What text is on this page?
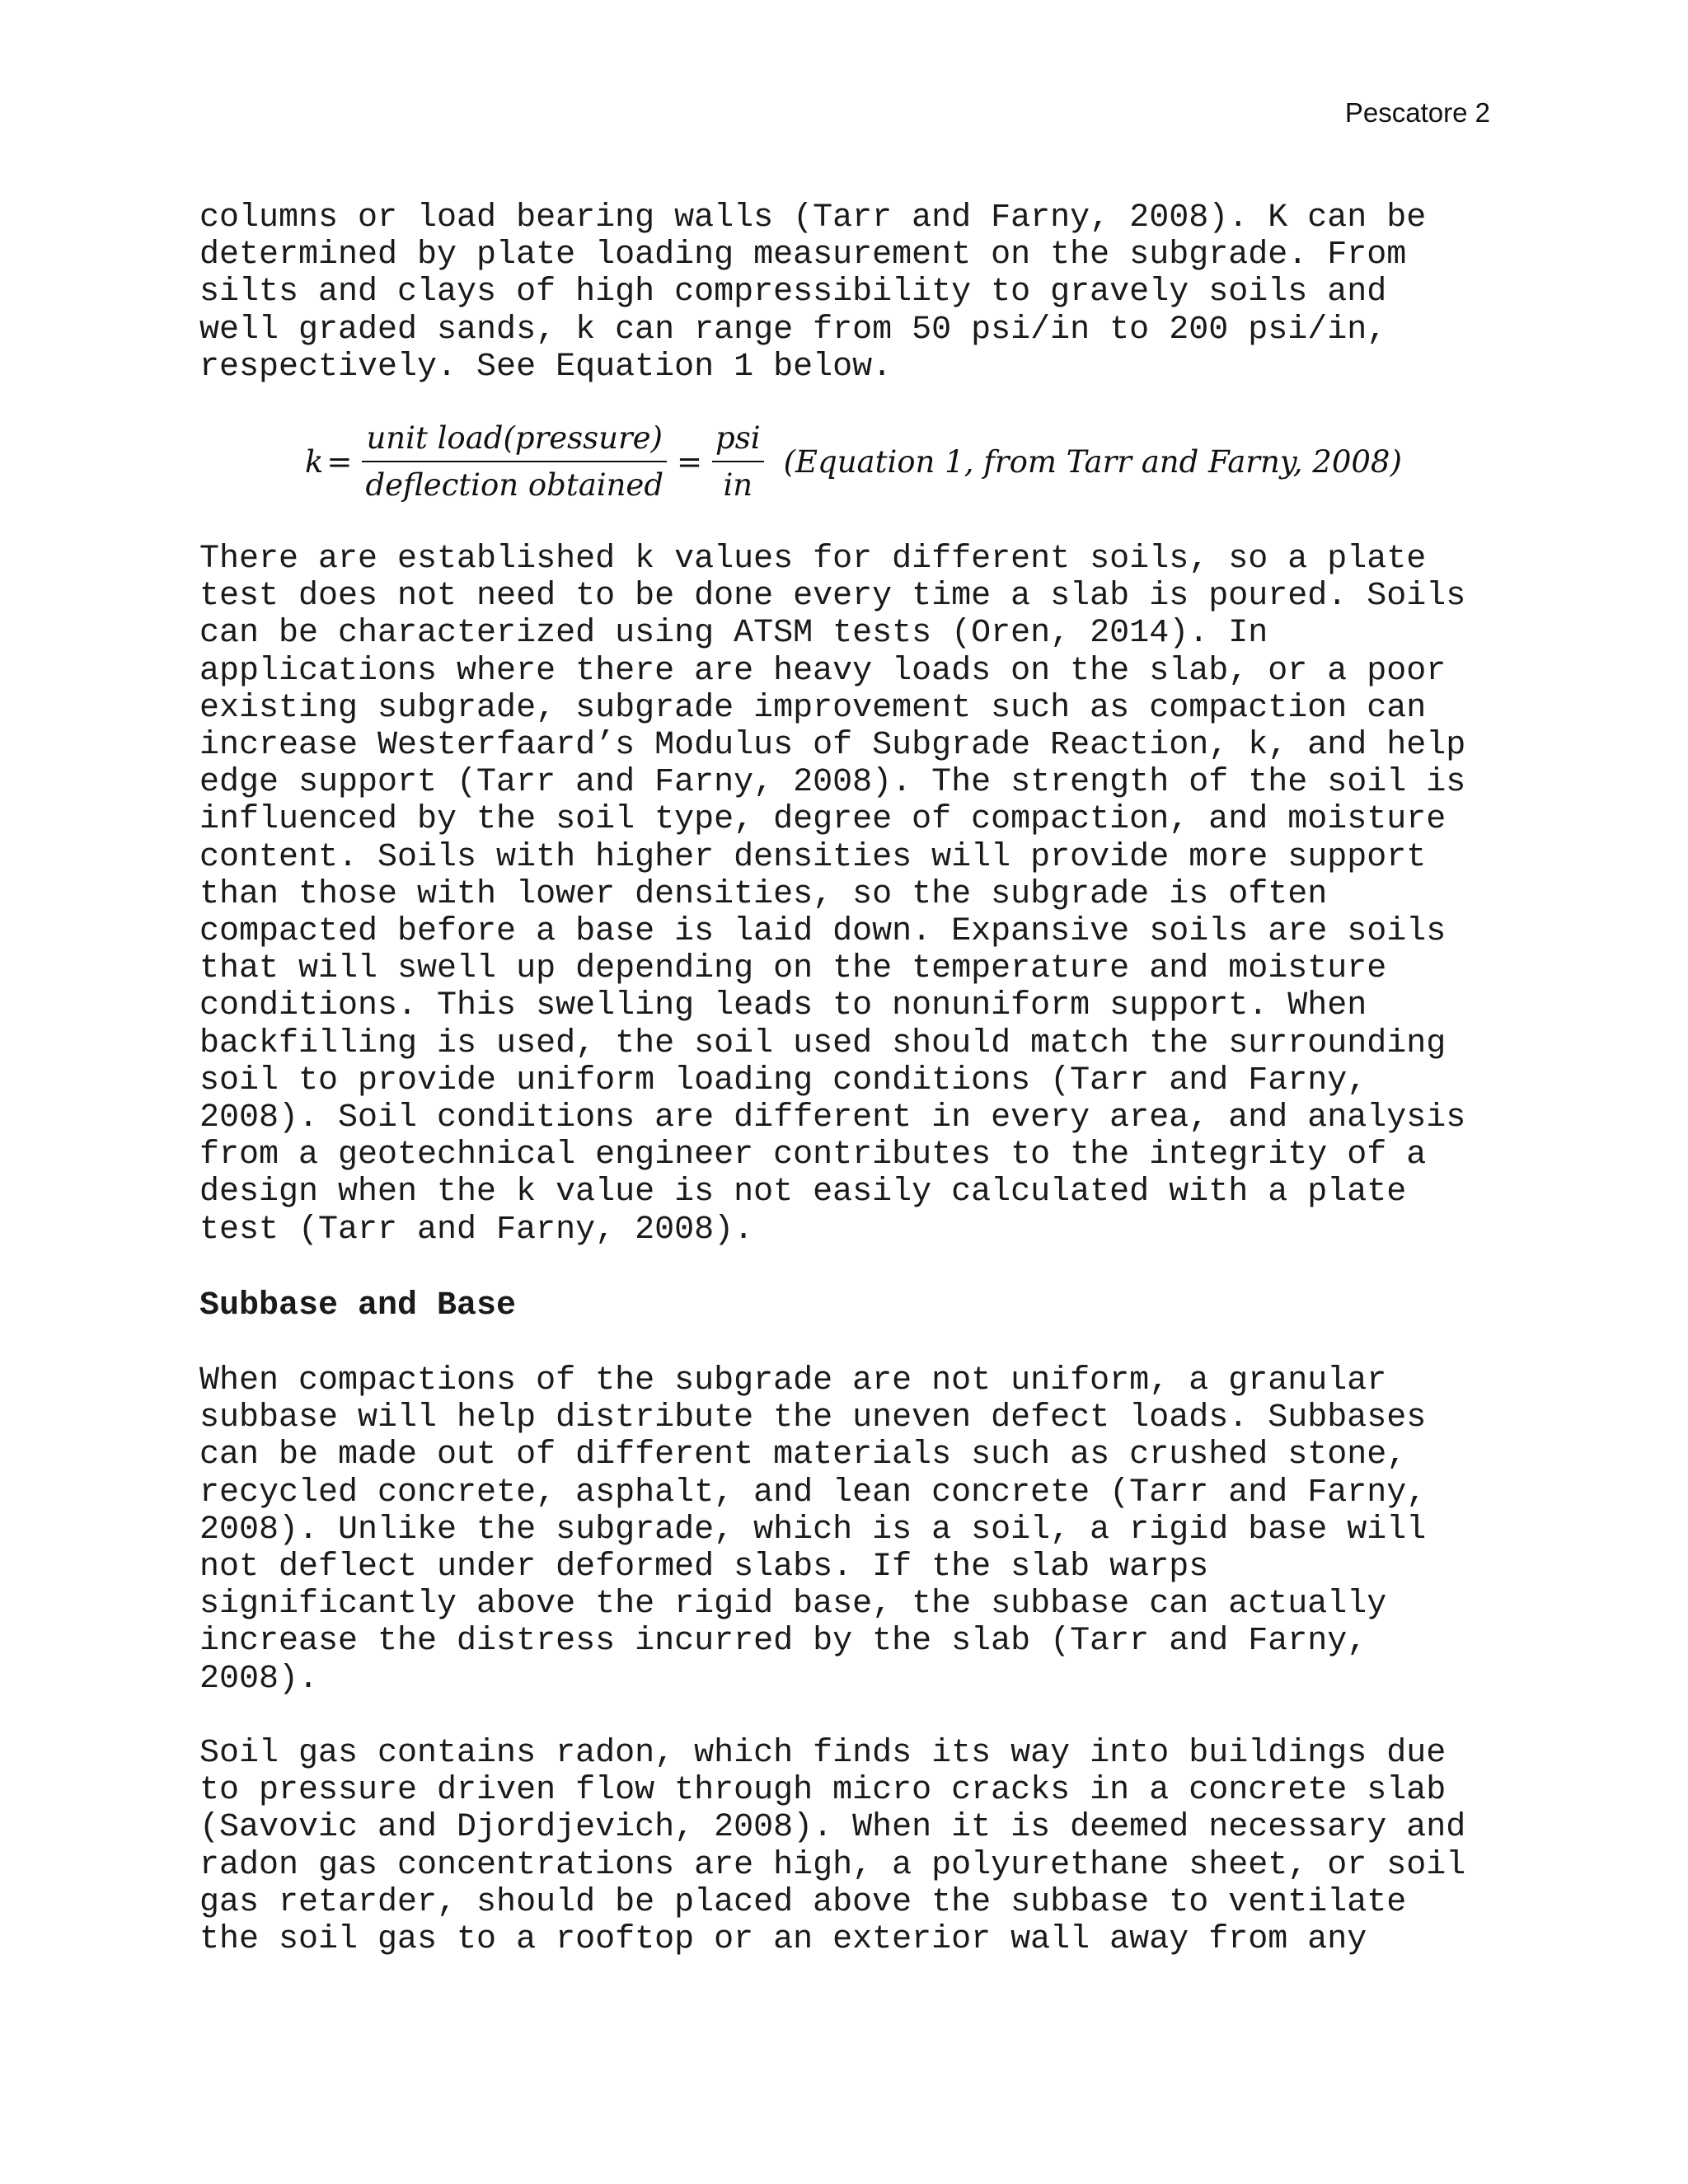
Pescatore 2
columns or load bearing walls (Tarr and Farny, 2008). K can be
determined by plate loading measurement on the subgrade. From
silts and clays of high compressibility to gravely soils and
well graded sands, k can range from 50 psi/in to 200 psi/in,
respectively. See Equation 1 below.
$k = \frac{\text{unit load(pressure)}}{\text{deflection obtained}} = \frac{\text{psi}}{in}$ (Equation 1, from Tarr and Farny, 2008)
There are established k values for different soils, so a plate
test does not need to be done every time a slab is poured. Soils
can be characterized using ATSM tests (Oren, 2014). In
applications where there are heavy loads on the slab, or a poor
existing subgrade, subgrade improvement such as compaction can
increase Westerfaard’s Modulus of Subgrade Reaction, k, and help
edge support (Tarr and Farny, 2008). The strength of the soil is
influenced by the soil type, degree of compaction, and moisture
content. Soils with higher densities will provide more support
than those with lower densities, so the subgrade is often
compacted before a base is laid down. Expansive soils are soils
that will swell up depending on the temperature and moisture
conditions. This swelling leads to nonuniform support. When
backfilling is used, the soil used should match the surrounding
soil to provide uniform loading conditions (Tarr and Farny,
2008). Soil conditions are different in every area, and analysis
from a geotechnical engineer contributes to the integrity of a
design when the k value is not easily calculated with a plate
test (Tarr and Farny, 2008).
Subbase and Base
When compactions of the subgrade are not uniform, a granular
subbase will help distribute the uneven defect loads. Subbases
can be made out of different materials such as crushed stone,
recycled concrete, asphalt, and lean concrete (Tarr and Farny,
2008). Unlike the subgrade, which is a soil, a rigid base will
not deflect under deformed slabs. If the slab warps
significantly above the rigid base, the subbase can actually
increase the distress incurred by the slab (Tarr and Farny,
2008).
Soil gas contains radon, which finds its way into buildings due
to pressure driven flow through micro cracks in a concrete slab
(Savovic and Djordjevich, 2008). When it is deemed necessary and
radon gas concentrations are high, a polyurethane sheet, or soil
gas retarder, should be placed above the subbase to ventilate
the soil gas to a rooftop or an exterior wall away from any
